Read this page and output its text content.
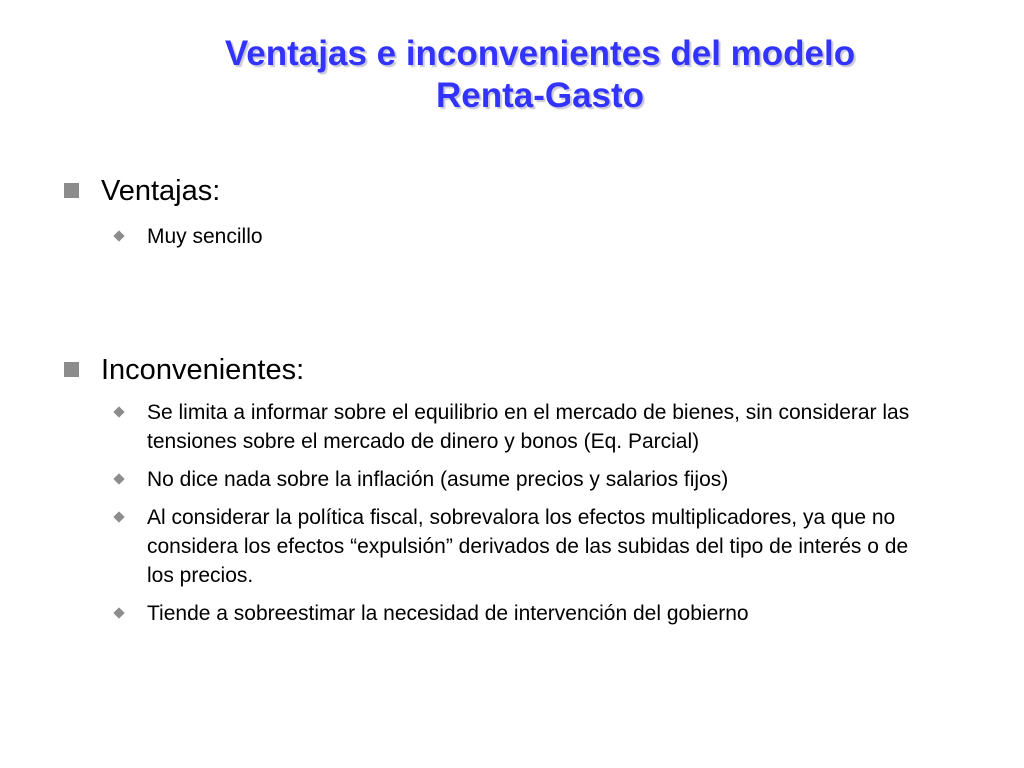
Ventajas e inconvenientes del modelo
Renta-Gasto
Ventajas:
Muy sencillo
Inconvenientes:
Se limita a informar sobre el equilibrio en el mercado de bienes, sin considerar las tensiones sobre el mercado de dinero y bonos (Eq. Parcial)
No dice nada sobre la inflación (asume precios y salarios fijos)
Al considerar la política fiscal, sobrevalora los efectos multiplicadores, ya que no considera los efectos “expulsión” derivados de las subidas del tipo de interés o de los precios.
Tiende a sobreestimar la necesidad de intervención del gobierno
